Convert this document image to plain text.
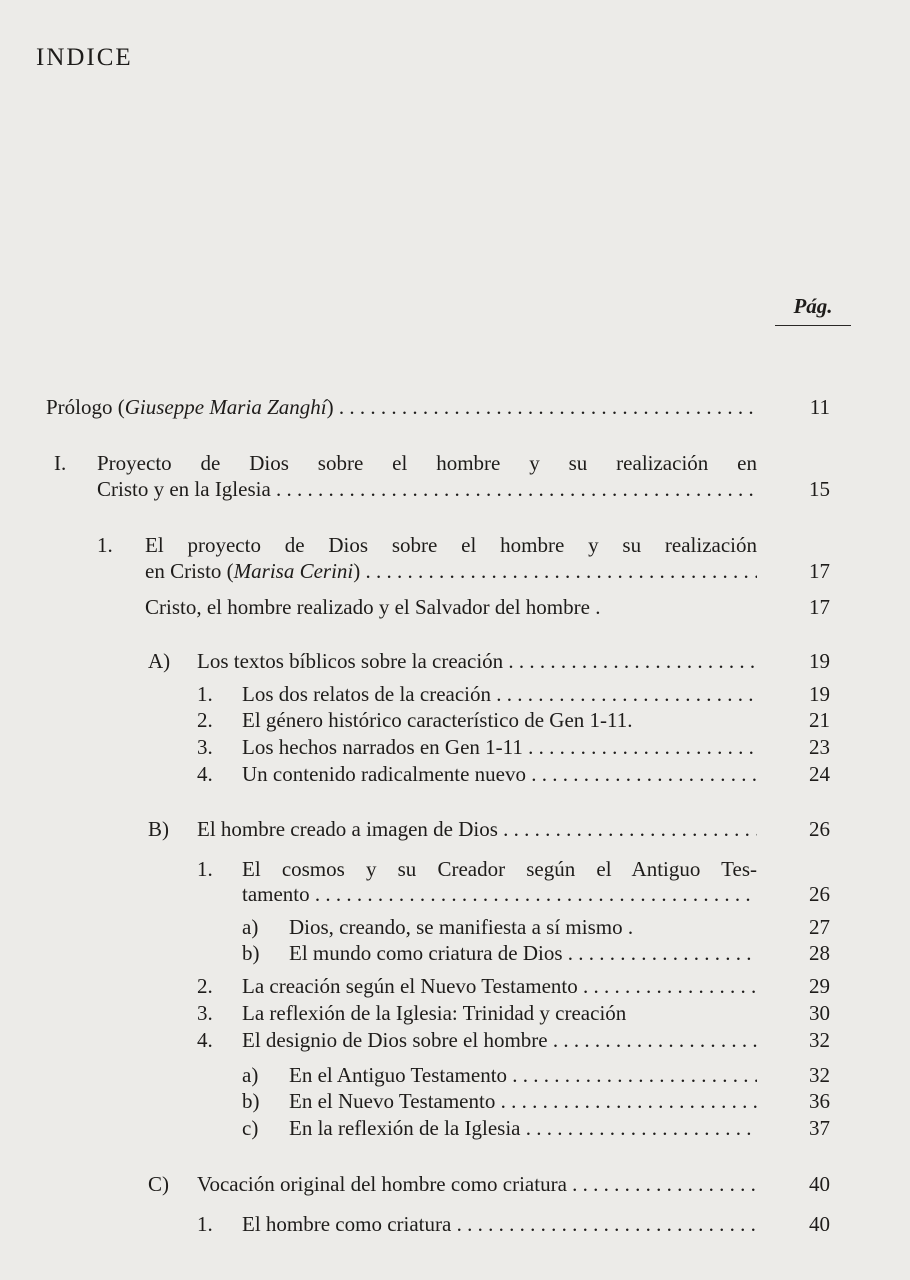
INDICE
Pág.
Prólogo (Giuseppe Maria Zanghí) . . .	11
I. Proyecto de Dios sobre el hombre y su realización en
Cristo y en la Iglesia . . .	15
1. El proyecto de Dios sobre el hombre y su realización
en Cristo (Marisa Cerini) . . .	17
Cristo, el hombre realizado y el Salvador del hombre .	17
A) Los textos bíblicos sobre la creación . . .	19
1. Los dos relatos de la creación . . .	19
2. El género histórico característico de Gen 1-11.	21
3. Los hechos narrados en Gen 1-11 . . .	23
4. Un contenido radicalmente nuevo . . .	24
B) El hombre creado a imagen de Dios . . .	26
1. El cosmos y su Creador según el Antiguo Tes-
tamento . . .	26
a) Dios, creando, se manifiesta a sí mismo .	27
b) El mundo como criatura de Dios . . .	28
2. La creación según el Nuevo Testamento . . .	29
3. La reflexión de la Iglesia: Trinidad y creación	30
4. El designio de Dios sobre el hombre . . .	32
a) En el Antiguo Testamento . . .	32
b) En el Nuevo Testamento . . .	36
c) En la reflexión de la Iglesia . . .	37
C) Vocación original del hombre como criatura . . .	40
1. El hombre como criatura . . .	40
